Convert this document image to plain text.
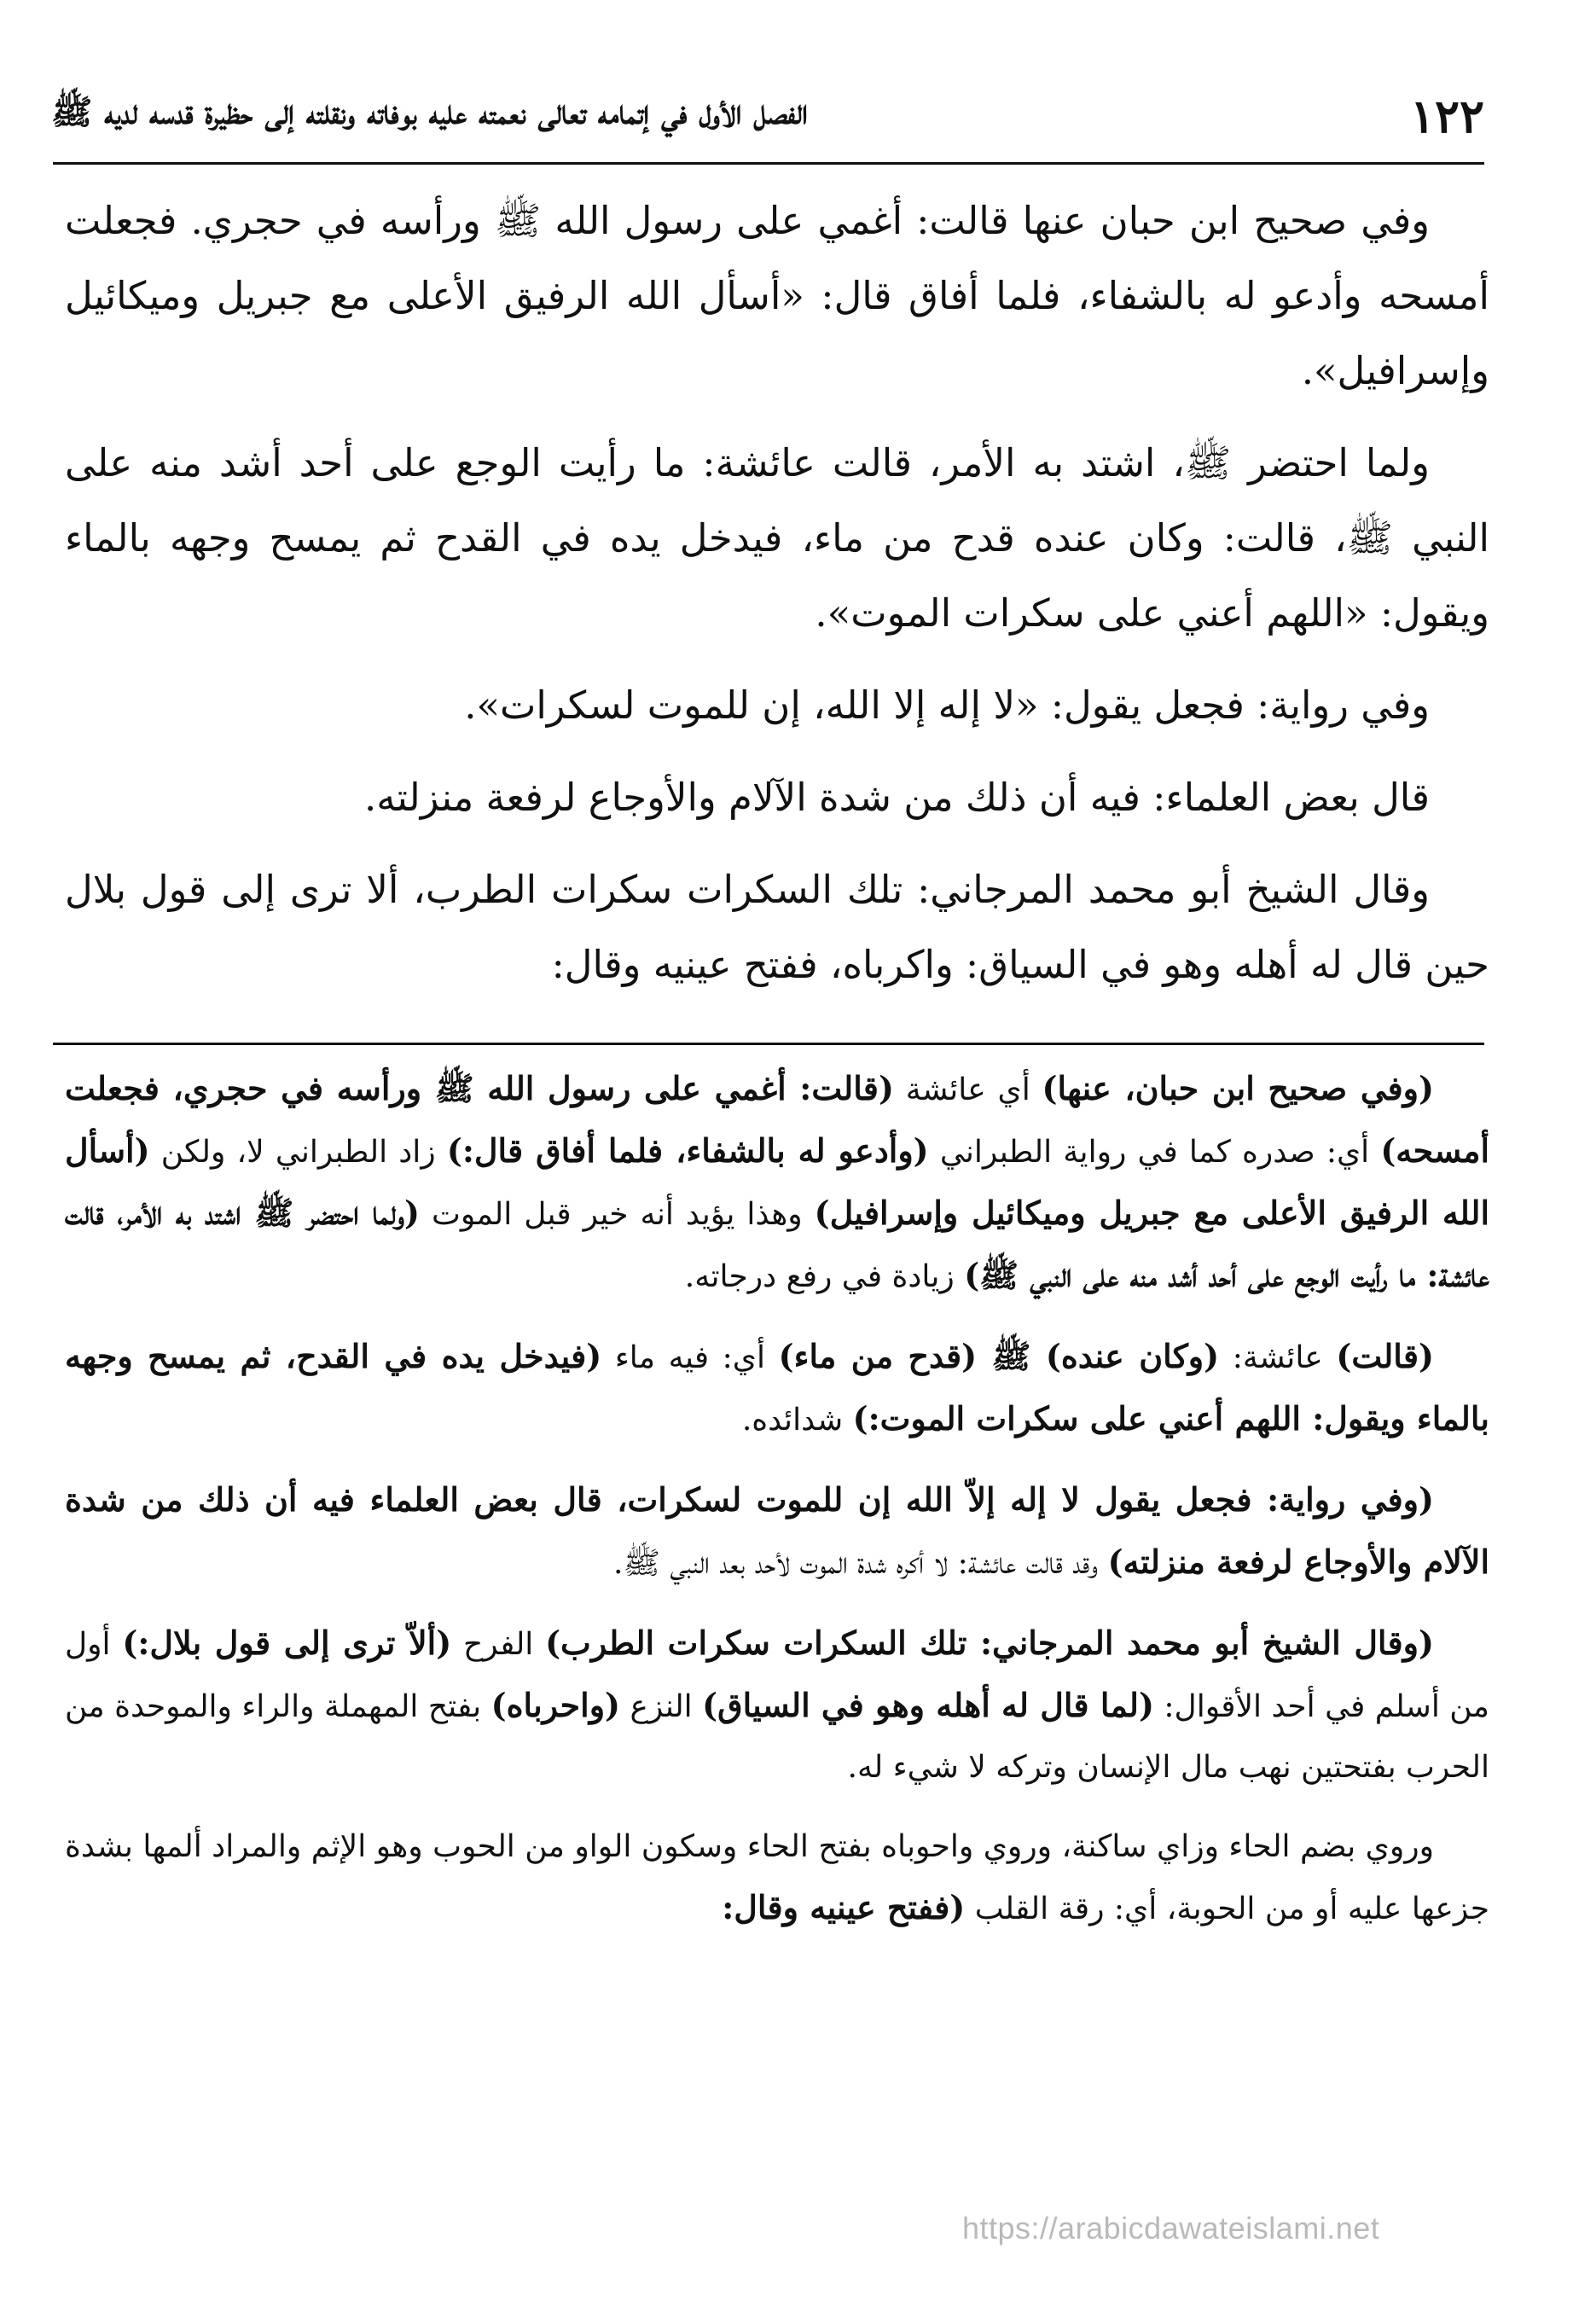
١٢٢
الفصل الأول في إتمامه تعالى نعمته عليه بوفاته ونقلته إلى حظيرة قدسه لديه ﷺ

وفي صحيح ابن حبان عنها قالت: أغمي على رسول الله ﷺ ورأسه في حجري. فجعلت أمسحه وأدعو له بالشفاء، فلما أفاق قال: «أسأل الله الرفيق الأعلى مع جبريل وميكائيل وإسرافيل».

ولما احتضر ﷺ، اشتد به الأمر، قالت عائشة: ما رأيت الوجع على أحد أشد منه على النبي ﷺ، قالت: وكان عنده قدح من ماء، فيدخل يده في القدح ثم يمسح وجهه بالماء ويقول: «اللهم أعني على سكرات الموت».

وفي رواية: فجعل يقول: «لا إله إلا الله، إن للموت لسكرات».

قال بعض العلماء: فيه أن ذلك من شدة الآلام والأوجاع لرفعة منزلته.

وقال الشيخ أبو محمد المرجاني: تلك السكرات سكرات الطرب، ألا ترى إلى قول بلال حين قال له أهله وهو في السياق: واكرباه، ففتح عينيه وقال:

(وفي صحيح ابن حبان، عنها) أي عائشة (قالت: أغمي على رسول الله ﷺ ورأسه في حجري، فجعلت أمسحه) أي: صدره كما في رواية الطبراني (وأدعو له بالشفاء، فلما أفاق قال:) زاد الطبراني لا، ولكن (أسأل الله الرفيق الأعلى مع جبريل وميكائيل وإسرافيل) وهذا يؤيد أنه خير قبل الموت (ولما احتضر ﷺ اشتد به الأمر، قالت عائشة: ما رأيت الوجع على أحد أشد منه على النبي ﷺ) زيادة في رفع درجاته.

(قالت) عائشة: (وكان عنده) ﷺ (قدح من ماء) أي: فيه ماء (فيدخل يده في القدح، ثم يمسح وجهه بالماء ويقول: اللهم أعني على سكرات الموت:) شدائده.

(وفي رواية: فجعل يقول لا إله إلاّ الله إن للموت لسكرات، قال بعض العلماء فيه أن ذلك من شدة الآلام والأوجاع لرفعة منزلته) وقد قالت عائشة: لا أكره شدة الموت لأحد بعد النبي ﷺ.

(وقال الشيخ أبو محمد المرجاني: تلك السكرات سكرات الطرب) الفرح (ألاّ ترى إلى قول بلال:) أول من أسلم في أحد الأقوال: (لما قال له أهله وهو في السياق) النزع (واحرباه) بفتح المهملة والراء والموحدة من الحرب بفتحتين نهب مال الإنسان وتركه لا شيء له.

وروي بضم الحاء وزاي ساكنة، وروي واحوباه بفتح الحاء وسكون الواو من الحوب وهو الإثم والمراد ألمها بشدة جزعها عليه أو من الحوبة، أي: رقة القلب (ففتح عينيه وقال:

https://arabicdawateislami.net
